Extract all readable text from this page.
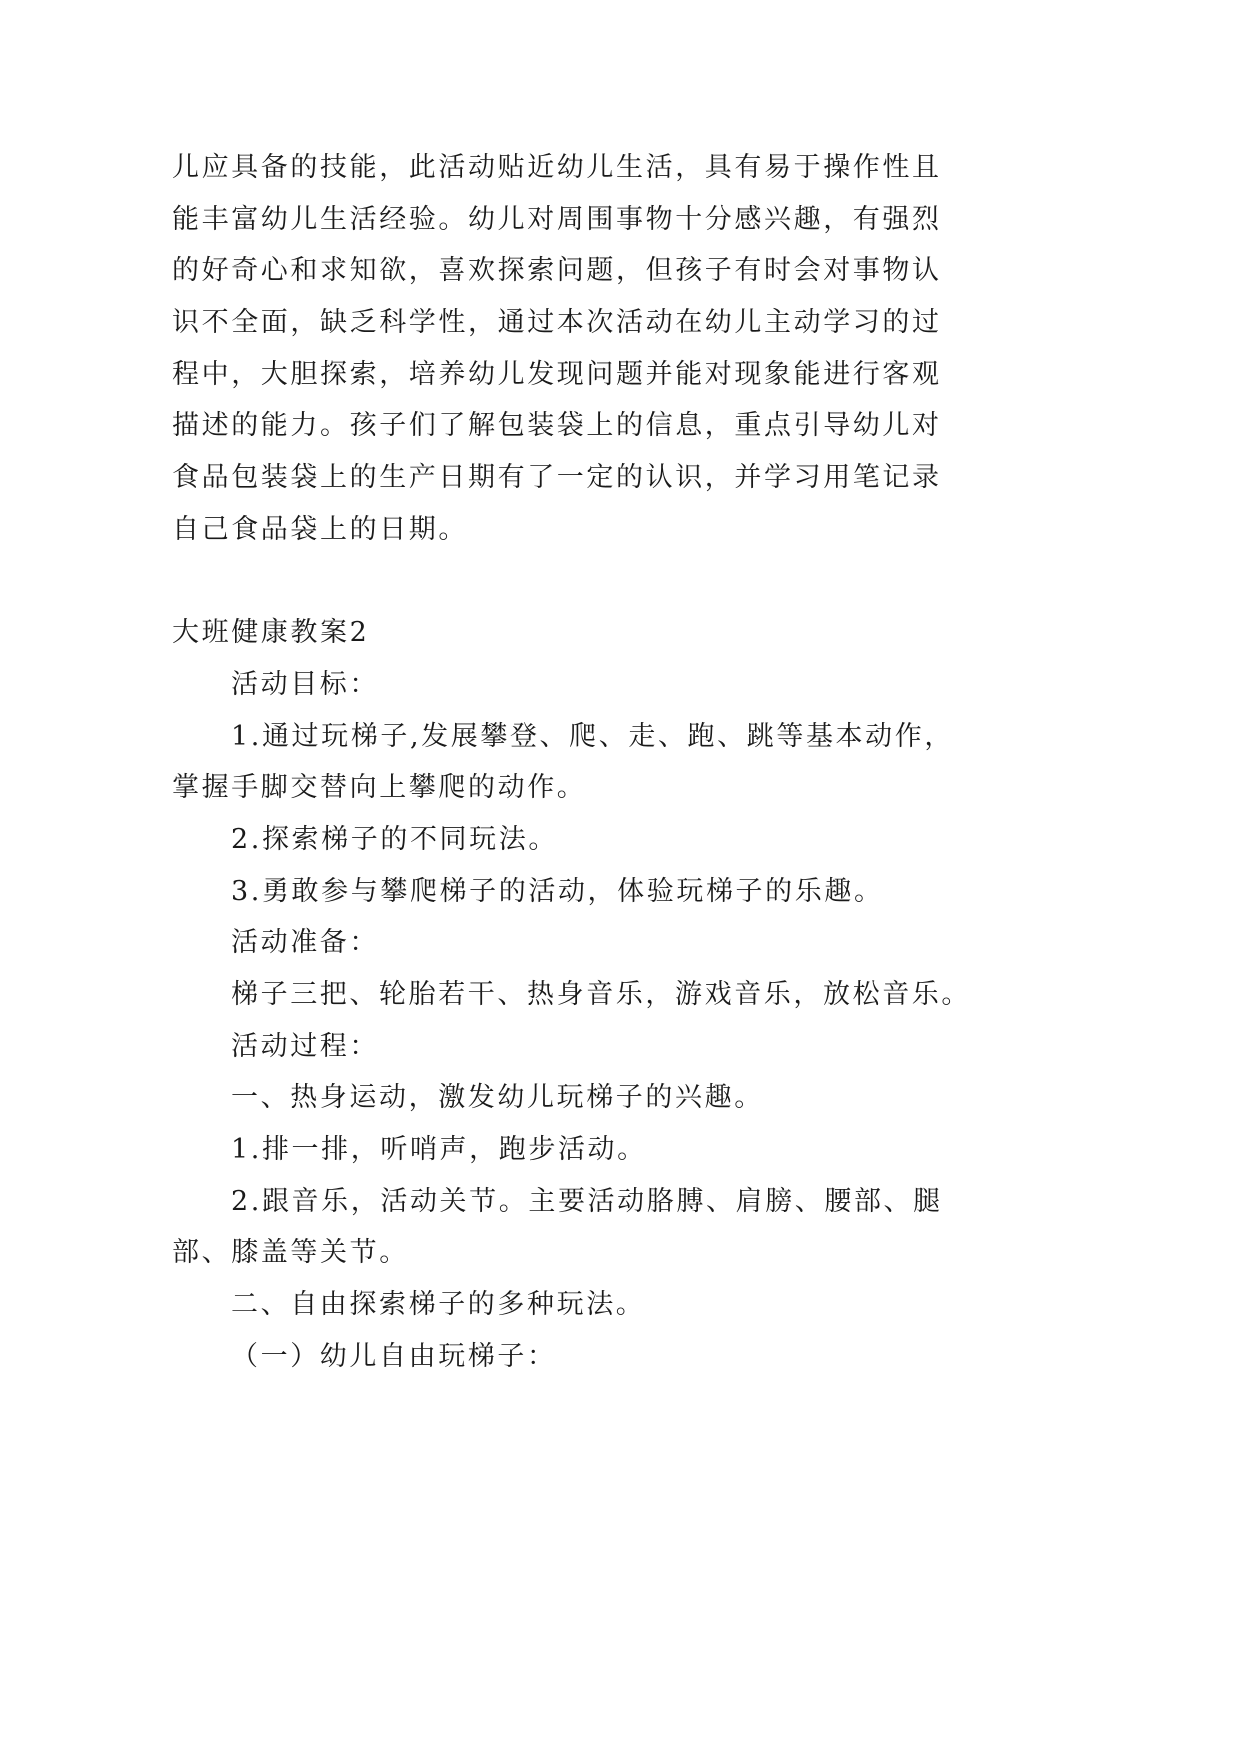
儿应具备的技能，此活动贴近幼儿生活，具有易于操作性且
能丰富幼儿生活经验。幼儿对周围事物十分感兴趣，有强烈
的好奇心和求知欲，喜欢探索问题，但孩子有时会对事物认
识不全面，缺乏科学性，通过本次活动在幼儿主动学习的过
程中，大胆探索，培养幼儿发现问题并能对现象能进行客观
描述的能力。孩子们了解包装袋上的信息，重点引导幼儿对
食品包装袋上的生产日期有了一定的认识，并学习用笔记录
自己食品袋上的日期。
大班健康教案2
活动目标：
1.通过玩梯子,发展攀登、爬、走、跑、跳等基本动作，
掌握手脚交替向上攀爬的动作。
2.探索梯子的不同玩法。
3.勇敢参与攀爬梯子的活动，体验玩梯子的乐趣。
活动准备：
梯子三把、轮胎若干、热身音乐，游戏音乐，放松音乐。
活动过程：
一、热身运动，激发幼儿玩梯子的兴趣。
1.排一排，听哨声，跑步活动。
2.跟音乐，活动关节。主要活动胳膊、肩膀、腰部、腿
部、膝盖等关节。
二、自由探索梯子的多种玩法。
（一）幼儿自由玩梯子：
